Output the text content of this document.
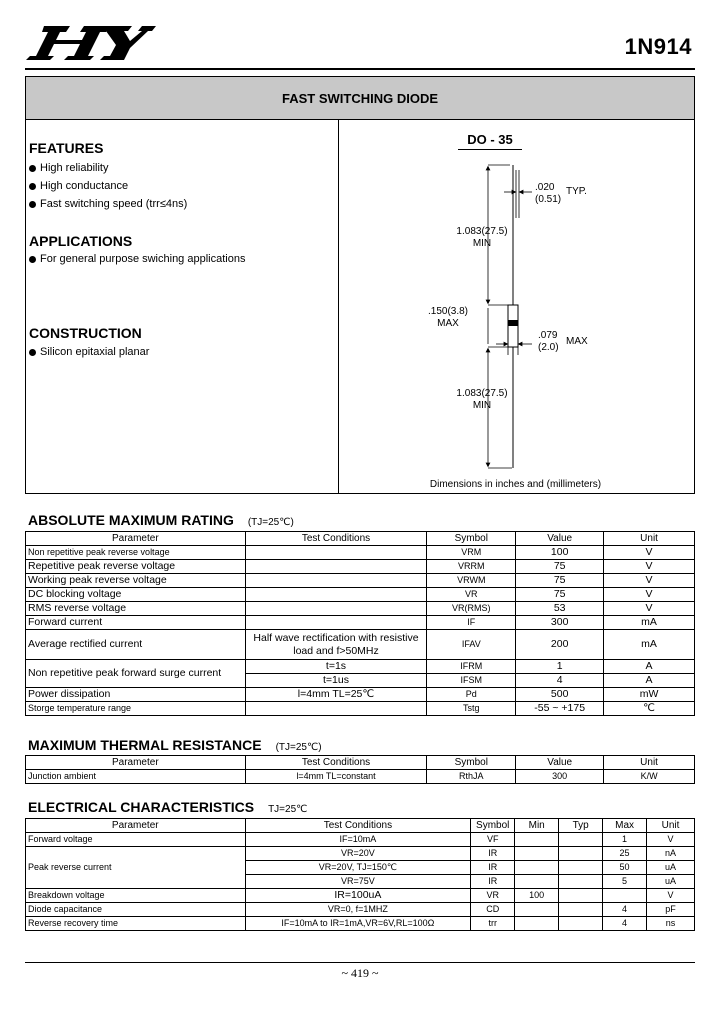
1N914
FAST SWITCHING DIODE
FEATURES
High reliability
High conductance
Fast switching speed (trr≤4ns)
APPLICATIONS
For general purpose swiching applications
CONSTRUCTION
Silicon epitaxial planar
DO - 35
.020
(0.51)
TYP.
1.083(27.5)
MIN
.150(3.8)
MAX
.079
(2.0)
MAX
1.083(27.5)
MIN
Dimensions in inches and (millimeters)
ABSOLUTE MAXIMUM RATING (TJ=25℃)
Parameter	Test Conditions	Symbol	Value	Unit
Non repetitive peak reverse voltage		VRM	100	V
Repetitive peak reverse voltage		VRRM	75	V
Working peak reverse voltage		VRWM	75	V
DC blocking voltage		VR	75	V
RMS reverse voltage		VR(RMS)	53	V
Forward current		IF	300	mA
Average rectified current	Half wave rectification with resistive load and f>50MHz	IFAV	200	mA
Non repetitive peak forward surge current	t=1s	IFRM	1	A
	t=1us	IFSM	4	A
Power dissipation	l=4mm TL=25℃	Pd	500	mW
Storge temperature range		Tstg	-55 ~ +175	℃
MAXIMUM THERMAL RESISTANCE (TJ=25℃)
Parameter	Test Conditions	Symbol	Value	Unit
Junction ambient	l=4mm TL=constant	RthJA	300	K/W
ELECTRICAL CHARACTERISTICS TJ=25℃
Parameter	Test Conditions	Symbol	Min	Typ	Max	Unit
Forward voltage	IF=10mA	VF			1	V
Peak reverse current	VR=20V	IR			25	nA
	VR=20V, TJ=150℃	IR			50	uA
	VR=75V	IR			5	uA
Breakdown voltage	IR=100uA	VR	100			V
Diode capacitance	VR=0, f=1MHZ	CD			4	pF
Reverse recovery time	IF=10mA to IR=1mA,VR=6V,RL=100Ω	trr			4	ns
~ 419 ~
